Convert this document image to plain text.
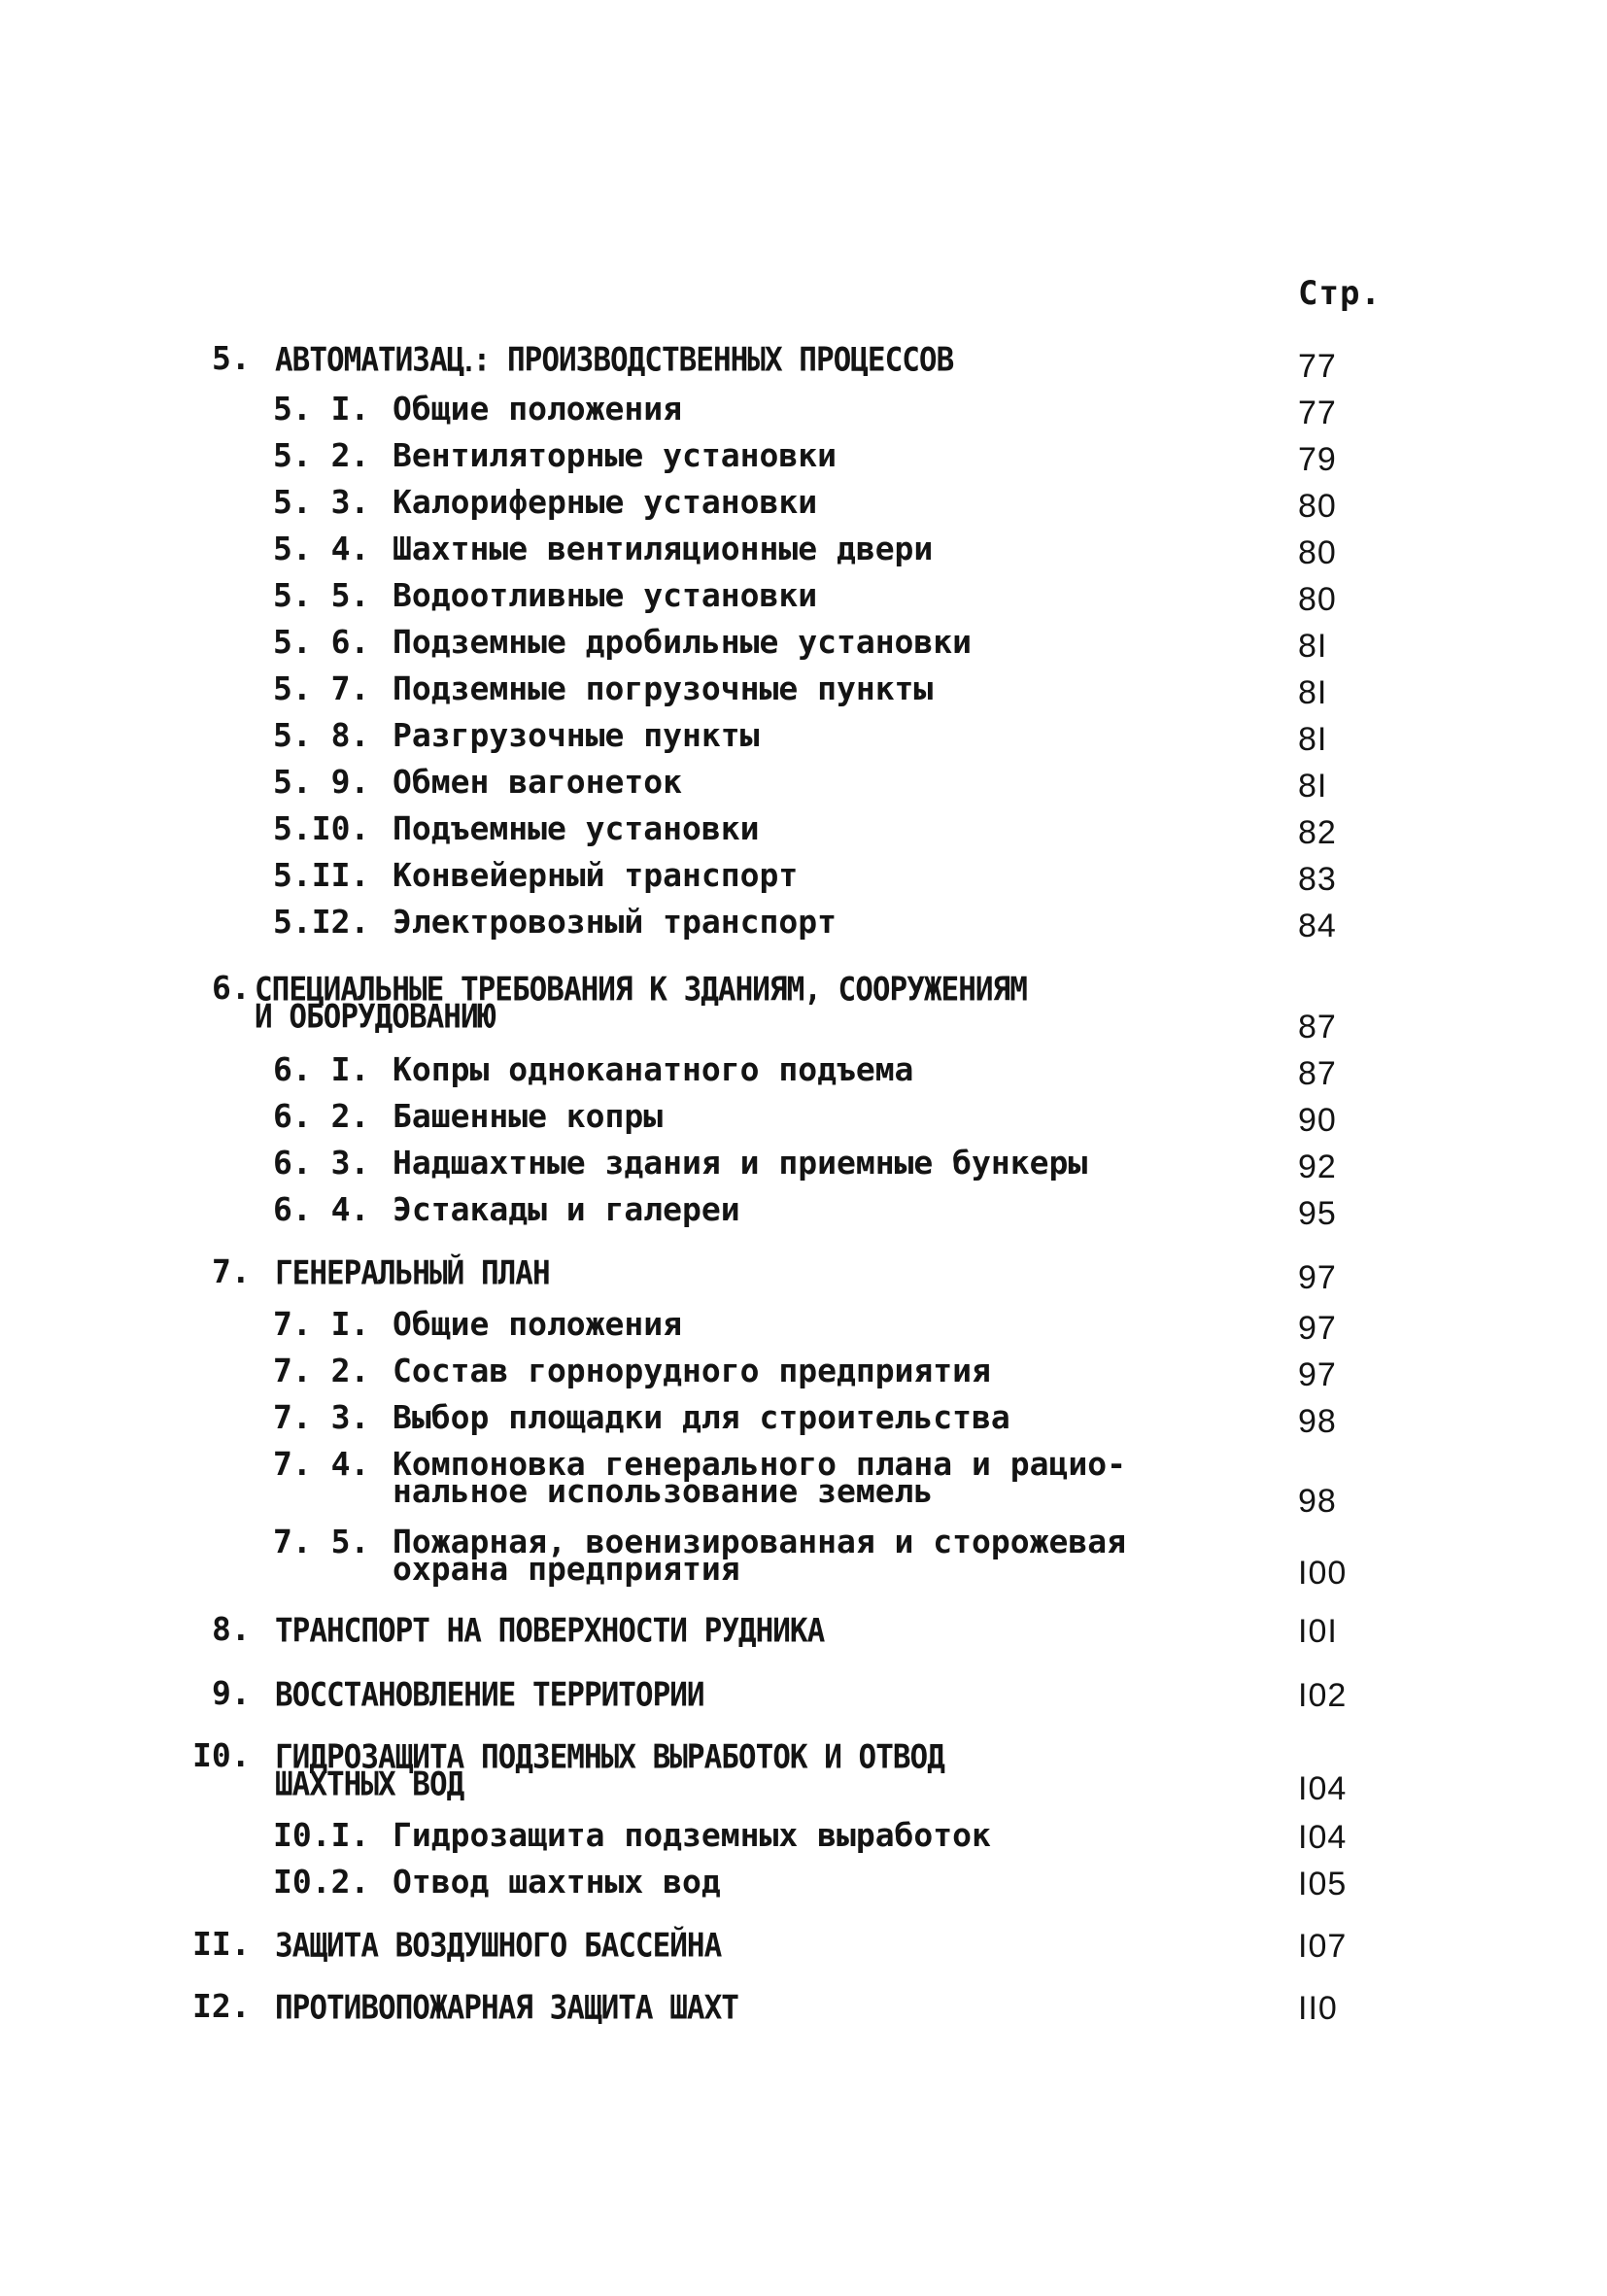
Стр.
5. АВТОМАТИЗАЦ․: ПРОИЗВОДСТВЕННЫХ ПРОЦЕССОВ	77
5. I. Общие положения	77
5. 2. Вентиляторные установки	79
5. 3. Калориферные установки	80
5. 4. Шахтные вентиляционные двери	80
5. 5. Водоотливные установки	80
5. 6. Подземные дробильные установки	8I
5. 7. Подземные погрузочные пункты	8I
5. 8. Разгрузочные пункты	8I
5. 9. Обмен вагонеток	8I
5.I0. Подъемные установки	82
5.II. Конвейерный транспорт	83
5.I2. Электровозный транспорт	84
6. СПЕЦИАЛЬНЫЕ ТРЕБОВАНИЯ К ЗДАНИЯМ, СООРУЖЕНИЯМ
И ОБОРУДОВАНИЮ	87
6. I. Копры одноканатного подъема	87
6. 2. Башенные копры	90
6. 3. Надшахтные здания и приемные бункеры	92
6. 4. Эстакады и галереи	95
7. ГЕНЕРАЛЬНЫЙ ПЛАН	97
7. I. Общие положения	97
7. 2. Состав горнорудного предприятия	97
7. 3. Выбор площадки для строительства	98
7. 4. Компоновка генерального плана и рацио-
нальное использование земель	98
7. 5. Пожарная, военизированная и сторожевая
охрана предприятия	I00
8. ТРАНСПОРТ НА ПОВЕРХНОСТИ РУДНИКА	I0I
9. ВОССТАНОВЛЕНИЕ ТЕРРИТОРИИ	I02
I0. ГИДРОЗАЩИТА ПОДЗЕМНЫХ ВЫРАБОТОК И ОТВОД
ШАХТНЫХ ВОД	I04
I0.I. Гидрозащита подземных выработок	I04
I0.2. Отвод шахтных вод	I05
II. ЗАЩИТА ВОЗДУШНОГО БАССЕЙНА	I07
I2. ПРОТИВОПОЖАРНАЯ ЗАЩИТА ШАХТ	II0
